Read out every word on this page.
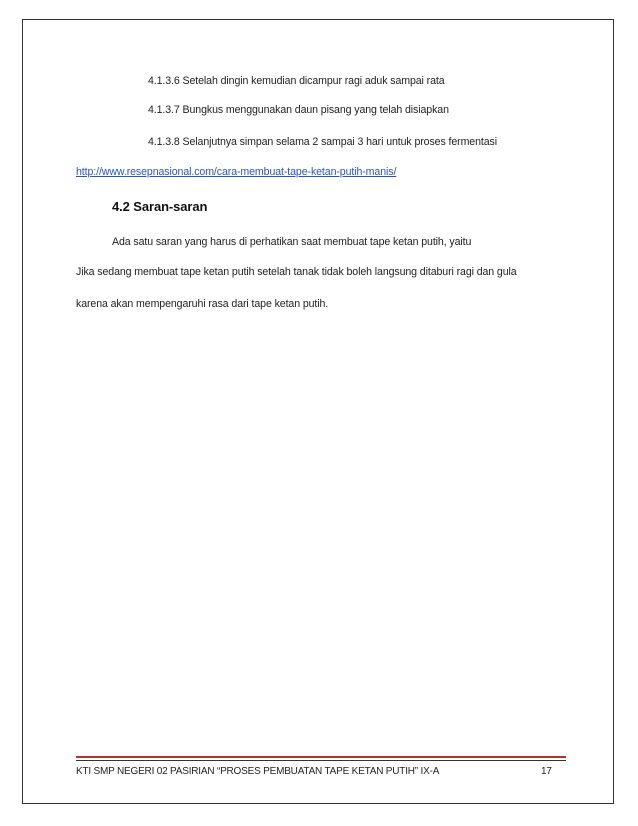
4.1.3.6 Setelah dingin kemudian dicampur ragi aduk sampai rata
4.1.3.7 Bungkus menggunakan daun pisang yang telah disiapkan
4.1.3.8 Selanjutnya simpan selama 2 sampai 3 hari untuk proses fermentasi
http://www.resepnasional.com/cara-membuat-tape-ketan-putih-manis/
4.2 Saran-saran
Ada satu saran yang harus di perhatikan saat membuat tape ketan putih, yaitu
Jika sedang membuat tape ketan putih setelah tanak tidak boleh langsung ditaburi ragi dan gula
karena akan mempengaruhi rasa dari tape ketan putih.
KTI SMP NEGERI 02 PASIRIAN “PROSES PEMBUATAN TAPE KETAN PUTIH” IX-A	17
